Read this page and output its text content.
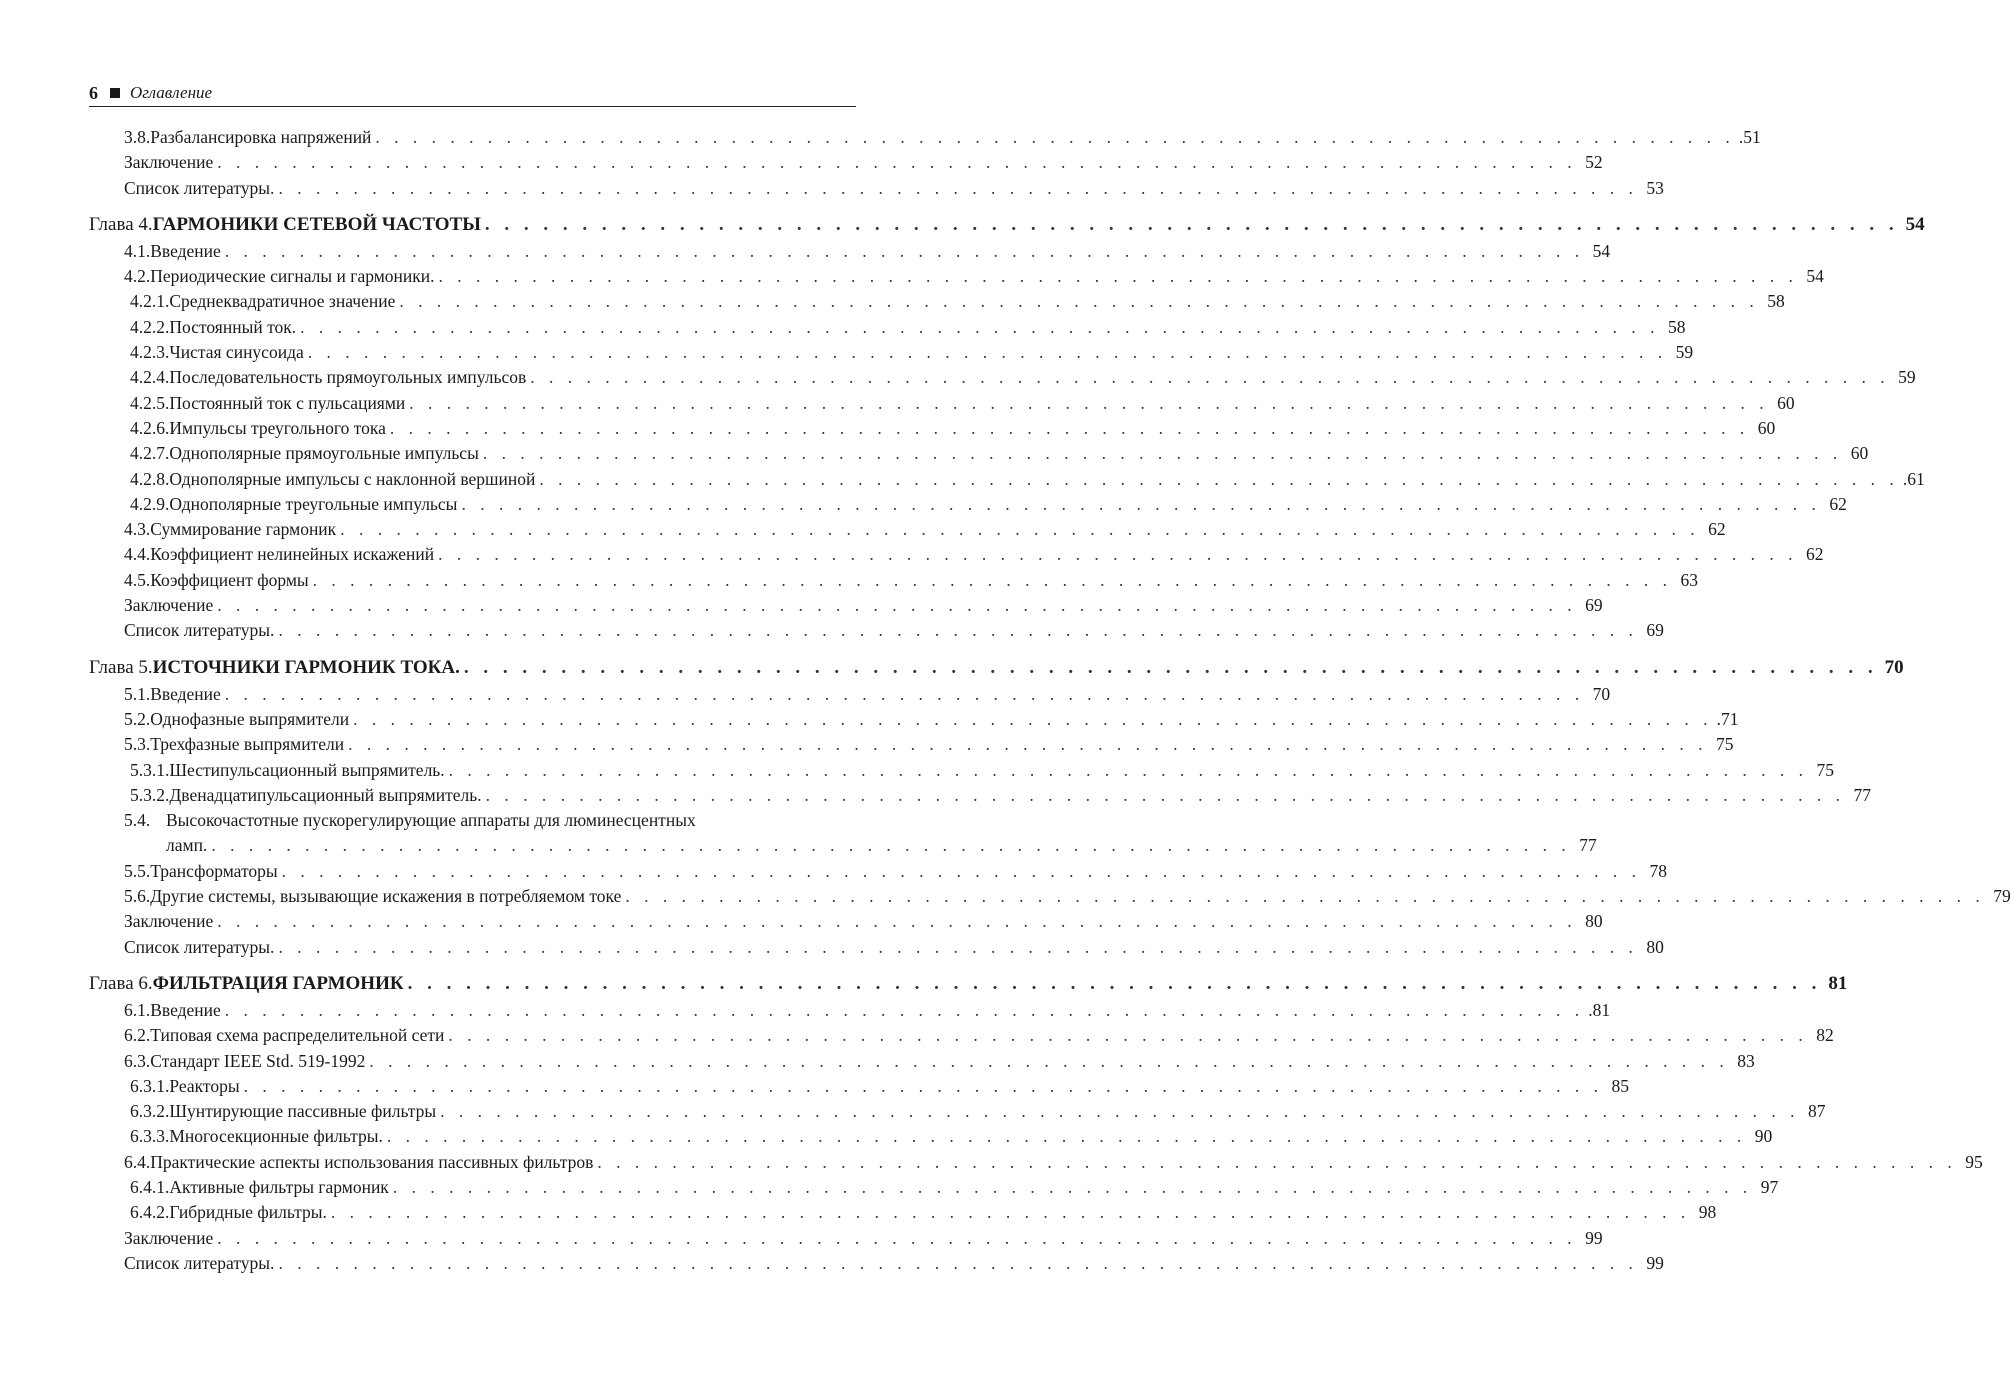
6 Оглавление
3.8. Разбалансировка напряжений . . . . . . . . . . . . . . . . . . . . . . . . . . . . . . . . . . . . . . . . . . . . . . . . . . . . . . . . . . . . . . . . . . . . . . . . . .51
Заключение . . . . . . . . . . . . . . . . . . . . . . . . . . . . . . . . . . . . . . . . . . . . . . . . . . . . . . . . . . . . . . . . . . . . . . . . . 52
Список литературы. . . . . . . . . . . . . . . . . . . . . . . . . . . . . . . . . . . . . . . . . . . . . . . . . . . . . . . . . . . . . . . . . . . . . . . . . . 53
Глава 4. ГАРМОНИКИ СЕТЕВОЙ ЧАСТОТЫ . . . . . . . . . . . . . . . . . . . . . . . . . . . . . . . . . . . . . . . . . . . . . . . . . . . . . . . . . . . . . . . . . . . . . . . . . 54
4.1. Введение . . . . . . . . . . . . . . . . . . . . . . . . . . . . . . . . . . . . . . . . . . . . . . . . . . . . . . . . . . . . . . . . . . . . . . . . . 54
4.2. Периодические сигналы и гармоники. . . . . . . . . . . . . . . . . . . . . . . . . . . . . . . . . . . . . . . . . . . . . . . . . . . . . . . . . . . . . . . . . . . . . . . . . . 54
4.2.1. Среднеквадратичное значение . . . . . . . . . . . . . . . . . . . . . . . . . . . . . . . . . . . . . . . . . . . . . . . . . . . . . . . . . . . . . . . . . . . . . . . . . 58
4.2.2. Постоянный ток. . . . . . . . . . . . . . . . . . . . . . . . . . . . . . . . . . . . . . . . . . . . . . . . . . . . . . . . . . . . . . . . . . . . . . . . . . 58
4.2.3. Чистая синусоида . . . . . . . . . . . . . . . . . . . . . . . . . . . . . . . . . . . . . . . . . . . . . . . . . . . . . . . . . . . . . . . . . . . . . . . . . 59
4.2.4. Последовательность прямоугольных импульсов . . . . . . . . . . . . . . . . . . . . . . . . . . . . . . . . . . . . . . . . . . . . . . . . . . . . . . . . . . . . . . . . . . . . . . . . . 59
4.2.5. Постоянный ток с пульсациями . . . . . . . . . . . . . . . . . . . . . . . . . . . . . . . . . . . . . . . . . . . . . . . . . . . . . . . . . . . . . . . . . . . . . . . . . 60
4.2.6. Импульсы треугольного тока . . . . . . . . . . . . . . . . . . . . . . . . . . . . . . . . . . . . . . . . . . . . . . . . . . . . . . . . . . . . . . . . . . . . . . . . . 60
4.2.7. Однополярные прямоугольные импульсы . . . . . . . . . . . . . . . . . . . . . . . . . . . . . . . . . . . . . . . . . . . . . . . . . . . . . . . . . . . . . . . . . . . . . . . . . 60
4.2.8. Однополярные импульсы с наклонной вершиной . . . . . . . . . . . . . . . . . . . . . . . . . . . . . . . . . . . . . . . . . . . . . . . . . . . . . . . . . . . . . . . . . . . . . . . . . .61
4.2.9. Однополярные треугольные импульсы . . . . . . . . . . . . . . . . . . . . . . . . . . . . . . . . . . . . . . . . . . . . . . . . . . . . . . . . . . . . . . . . . . . . . . . . . 62
4.3. Суммирование гармоник . . . . . . . . . . . . . . . . . . . . . . . . . . . . . . . . . . . . . . . . . . . . . . . . . . . . . . . . . . . . . . . . . . . . . . . . . 62
4.4. Коэффициент нелинейных искажений . . . . . . . . . . . . . . . . . . . . . . . . . . . . . . . . . . . . . . . . . . . . . . . . . . . . . . . . . . . . . . . . . . . . . . . . . 62
4.5. Коэффициент формы . . . . . . . . . . . . . . . . . . . . . . . . . . . . . . . . . . . . . . . . . . . . . . . . . . . . . . . . . . . . . . . . . . . . . . . . . 63
Заключение . . . . . . . . . . . . . . . . . . . . . . . . . . . . . . . . . . . . . . . . . . . . . . . . . . . . . . . . . . . . . . . . . . . . . . . . . 69
Список литературы. . . . . . . . . . . . . . . . . . . . . . . . . . . . . . . . . . . . . . . . . . . . . . . . . . . . . . . . . . . . . . . . . . . . . . . . . . 69
Глава 5. ИСТОЧНИКИ ГАРМОНИК ТОКА. . . . . . . . . . . . . . . . . . . . . . . . . . . . . . . . . . . . . . . . . . . . . . . . . . . . . . . . . . . . . . . . . . . . . . . . . . 70
5.1. Введение . . . . . . . . . . . . . . . . . . . . . . . . . . . . . . . . . . . . . . . . . . . . . . . . . . . . . . . . . . . . . . . . . . . . . . . . . 70
5.2. Однофазные выпрямители . . . . . . . . . . . . . . . . . . . . . . . . . . . . . . . . . . . . . . . . . . . . . . . . . . . . . . . . . . . . . . . . . . . . . . . . . .71
5.3. Трехфазные выпрямители . . . . . . . . . . . . . . . . . . . . . . . . . . . . . . . . . . . . . . . . . . . . . . . . . . . . . . . . . . . . . . . . . . . . . . . . . 75
5.3.1. Шестипульсационный выпрямитель. . . . . . . . . . . . . . . . . . . . . . . . . . . . . . . . . . . . . . . . . . . . . . . . . . . . . . . . . . . . . . . . . . . . . . . . . . 75
5.3.2. Двенадцатипульсационный выпрямитель. . . . . . . . . . . . . . . . . . . . . . . . . . . . . . . . . . . . . . . . . . . . . . . . . . . . . . . . . . . . . . . . . . . . . . . . . . 77
5.4. Высокочастотные пускорегулирующие аппараты для люминесцентных
ламп. . . . . . . . . . . . . . . . . . . . . . . . . . . . . . . . . . . . . . . . . . . . . . . . . . . . . . . . . . . . . . . . . . . . . . . . . . 77
5.5. Трансформаторы . . . . . . . . . . . . . . . . . . . . . . . . . . . . . . . . . . . . . . . . . . . . . . . . . . . . . . . . . . . . . . . . . . . . . . . . . 78
5.6. Другие системы, вызывающие искажения в потребляемом токе . . . . . . . . . . . . . . . . . . . . . . . . . . . . . . . . . . . . . . . . . . . . . . . . . . . . . . . . . . . . . . . . . . . . . . . . . 79
Заключение . . . . . . . . . . . . . . . . . . . . . . . . . . . . . . . . . . . . . . . . . . . . . . . . . . . . . . . . . . . . . . . . . . . . . . . . . 80
Список литературы. . . . . . . . . . . . . . . . . . . . . . . . . . . . . . . . . . . . . . . . . . . . . . . . . . . . . . . . . . . . . . . . . . . . . . . . . . 80
Глава 6. ФИЛЬТРАЦИЯ ГАРМОНИК . . . . . . . . . . . . . . . . . . . . . . . . . . . . . . . . . . . . . . . . . . . . . . . . . . . . . . . . . . . . . . . . . . . . . . . . . 81
6.1. Введение . . . . . . . . . . . . . . . . . . . . . . . . . . . . . . . . . . . . . . . . . . . . . . . . . . . . . . . . . . . . . . . . . . . . . . . . . .81
6.2. Типовая схема распределительной сети . . . . . . . . . . . . . . . . . . . . . . . . . . . . . . . . . . . . . . . . . . . . . . . . . . . . . . . . . . . . . . . . . . . . . . . . . 82
6.3. Стандарт IEEE Std. 519-1992 . . . . . . . . . . . . . . . . . . . . . . . . . . . . . . . . . . . . . . . . . . . . . . . . . . . . . . . . . . . . . . . . . . . . . . . . . 83
6.3.1. Реакторы . . . . . . . . . . . . . . . . . . . . . . . . . . . . . . . . . . . . . . . . . . . . . . . . . . . . . . . . . . . . . . . . . . . . . . . . . 85
6.3.2. Шунтирующие пассивные фильтры . . . . . . . . . . . . . . . . . . . . . . . . . . . . . . . . . . . . . . . . . . . . . . . . . . . . . . . . . . . . . . . . . . . . . . . . . 87
6.3.3. Многосекционные фильтры. . . . . . . . . . . . . . . . . . . . . . . . . . . . . . . . . . . . . . . . . . . . . . . . . . . . . . . . . . . . . . . . . . . . . . . . . . 90
6.4. Практические аспекты использования пассивных фильтров . . . . . . . . . . . . . . . . . . . . . . . . . . . . . . . . . . . . . . . . . . . . . . . . . . . . . . . . . . . . . . . . . . . . . . . . . 95
6.4.1. Активные фильтры гармоник . . . . . . . . . . . . . . . . . . . . . . . . . . . . . . . . . . . . . . . . . . . . . . . . . . . . . . . . . . . . . . . . . . . . . . . . . 97
6.4.2. Гибридные фильтры. . . . . . . . . . . . . . . . . . . . . . . . . . . . . . . . . . . . . . . . . . . . . . . . . . . . . . . . . . . . . . . . . . . . . . . . . . 98
Заключение . . . . . . . . . . . . . . . . . . . . . . . . . . . . . . . . . . . . . . . . . . . . . . . . . . . . . . . . . . . . . . . . . . . . . . . . . 99
Список литературы. . . . . . . . . . . . . . . . . . . . . . . . . . . . . . . . . . . . . . . . . . . . . . . . . . . . . . . . . . . . . . . . . . . . . . . . . . 99
